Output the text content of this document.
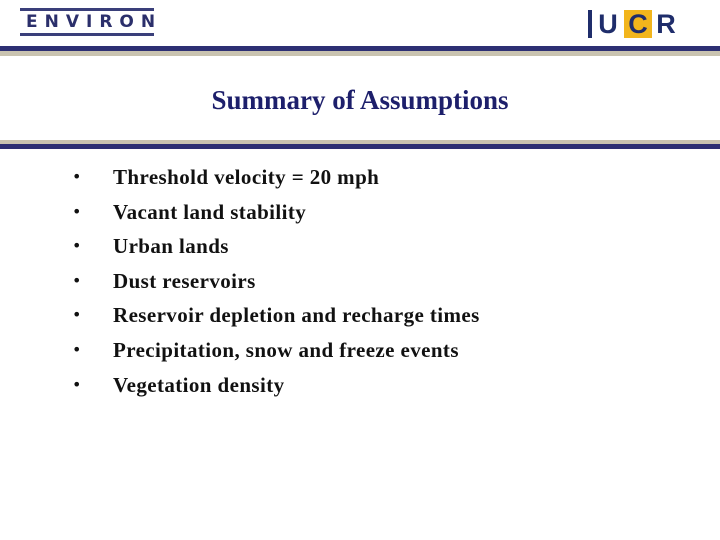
ENVIRON	U C R
Summary of Assumptions
•	Threshold velocity = 20 mph
•	Vacant land stability
•	Urban lands
•	Dust reservoirs
•	Reservoir depletion and recharge times
•	Precipitation, snow and freeze events
•	Vegetation density
